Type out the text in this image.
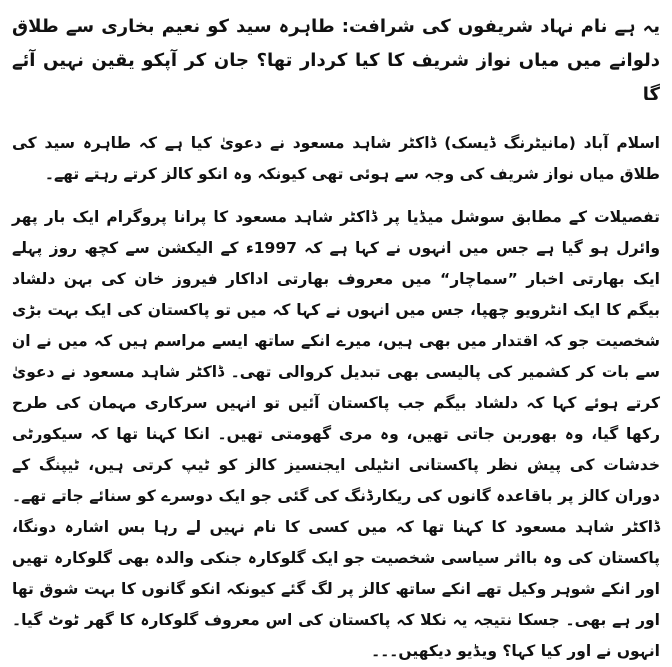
یہ ہے نام نہاد شریفوں کی شرافت: طاہرہ سید کو نعیم بخاری سے طلاق دلوانے میں میاں نواز شریف کا کیا کردار تھا؟ جان کر آپکو یقین نہیں آئے گا

اسلام آباد (مانیٹرنگ ڈیسک) ڈاکٹر شاہد مسعود نے دعویٰ کیا ہے کہ طاہرہ سید کی طلاق میاں نواز شریف کی وجہ سے ہوئی تھی کیونکہ وہ انکو کالز کرتے رہتے تھے۔

تفصیلات کے مطابق سوشل میڈیا پر ڈاکٹر شاہد مسعود کا پرانا پروگرام ایک بار پھر وائرل ہو گیا ہے جس میں انہوں نے کہا ہے کہ 1997ء کے الیکشن سے کچھ روز پہلے ایک بھارتی اخبار ”سماچار“ میں معروف بھارتی اداکار فیروز خان کی بہن دلشاد بیگم کا ایک انٹرویو چھپا، جس میں انہوں نے کہا کہ میں تو پاکستان کی ایک بہت بڑی شخصیت جو کہ اقتدار میں بھی ہیں، میرے انکے ساتھ ایسے مراسم ہیں کہ میں نے ان سے بات کر کشمیر کی پالیسی بھی تبدیل کروالی تھی۔ ڈاکٹر شاہد مسعود نے دعویٰ کرتے ہوئے کہا کہ دلشاد بیگم جب پاکستان آئیں تو انہیں سرکاری مہمان کی طرح رکھا گیا، وہ بھوربن جاتی تھیں، وہ مری گھومتی تھیں۔ انکا کہنا تھا کہ سیکورٹی خدشات کی پیش نظر پاکستانی انٹیلی ایجنسیز کالز کو ٹیپ کرتی ہیں، ٹیپنگ کے دوران کالز پر باقاعدہ گانوں کی ریکارڈنگ کی گئی جو ایک دوسرے کو سنائے جاتے تھے۔ ڈاکٹر شاہد مسعود کا کہنا تھا کہ میں کسی کا نام نہیں لے رہا بس اشارہ دونگا، پاکستان کی وہ بااثر سیاسی شخصیت جو ایک گلوکارہ جنکی والدہ بھی گلوکارہ تھیں اور انکے شوہر وکیل تھے انکے ساتھ کالز پر لگ گئے کیونکہ انکو گانوں کا بہت شوق تھا اور ہے بھی۔ جسکا نتیجہ یہ نکلا کہ پاکستان کی اس معروف گلوکارہ کا گھر ٹوٹ گیا۔ انہوں نے اور کیا کہا؟ ویڈیو دیکھیں۔۔۔
